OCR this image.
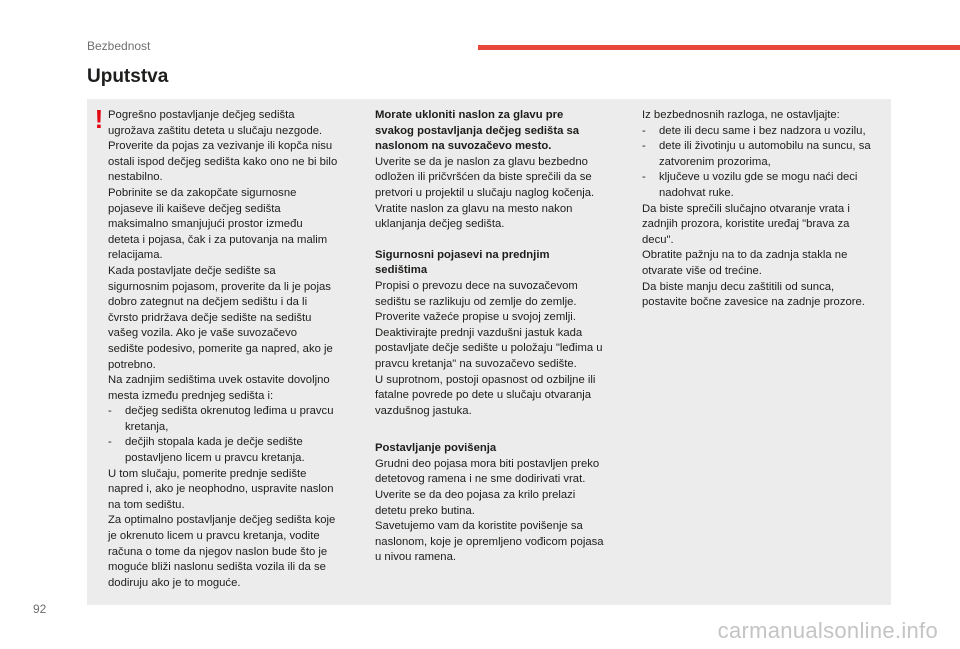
Bezbednost
Uputstva
! Pogrešno postavljanje dečjeg sedišta

ugrožava zaštitu deteta u slučaju nezgode.

Proverite da pojas za vezivanje ili kopča nisu

ostali ispod dečjeg sedišta kako ono ne bi bilo

nestabilno.

Pobrinite se da zakopčate sigurnosne

pojaseve ili kaiševe dečjeg sedišta

maksimalno smanjujući prostor između

deteta i pojasa, čak i za putovanja na malim

relacijama.

Kada postavljate dečje sedište sa

sigurnosnim pojasom, proverite da li je pojas

dobro zategnut na dečjem sedištu i da li

čvrsto pridržava dečje sedište na sedištu

vašeg vozila. Ako je vaše suvozačevo

sedište podesivo, pomerite ga napred, ako je

potrebno.

Na zadnjim sedištima uvek ostavite dovoljno

mesta između prednjeg sedišta i:

- dečjeg sedišta okrenutog leđima u pravcu

kretanja,

- dečjih stopala kada je dečje sedište

postavljeno licem u pravcu kretanja.

U tom slučaju, pomerite prednje sedište

napred i, ako je neophodno, uspravite naslon

na tom sedištu.

Za optimalno postavljanje dečjeg sedišta koje

je okrenuto licem u pravcu kretanja, vodite

računa o tome da njegov naslon bude što je

moguće bliži naslonu sedišta vozila ili da se

dodiruju ako je to moguće.

Morate ukloniti naslon za glavu pre

svakog postavljanja dečjeg sedišta sa

naslonom na suvozačevo mesto.

Uverite se da je naslon za glavu bezbedno

odložen ili pričvršćen da biste sprečili da se

pretvori u projektil u slučaju naglog kočenja.

Vratite naslon za glavu na mesto nakon

uklanjanja dečjeg sedišta.

Sigurnosni pojasevi na prednjim

sedištima

Propisi o prevozu dece na suvozačevom

sedištu se razlikuju od zemlje do zemlje.

Proverite važeće propise u svojoj zemlji.

Deaktivirajte prednji vazdušni jastuk kada

postavljate dečje sedište u položaju "leđima u

pravcu kretanja" na suvozačevo sedište.

U suprotnom, postoji opasnost od ozbiljne ili

fatalne povrede po dete u slučaju otvaranja

vazdušnog jastuka.

Postavljanje povišenja

Grudni deo pojasa mora biti postavljen preko

detetovog ramena i ne sme dodirivati vrat.

Uverite se da deo pojasa za krilo prelazi

detetu preko butina.

Savetujemo vam da koristite povišenje sa

naslonom, koje je opremljeno vođicom pojasa

u nivou ramena.

Iz bezbednosnih razloga, ne ostavljajte:

- dete ili decu same i bez nadzora u vozilu,

- dete ili životinju u automobilu na suncu, sa

zatvorenim prozorima,

- ključeve u vozilu gde se mogu naći deci

nadohvat ruke.

Da biste sprečili slučajno otvaranje vrata i

zadnjih prozora, koristite uređaj "brava za

decu".

Obratite pažnju na to da zadnja stakla ne

otvarate više od trećine.

Da biste manju decu zaštitili od sunca,

postavite bočne zavesice na zadnje prozore.

92
carmanualsonline.info
